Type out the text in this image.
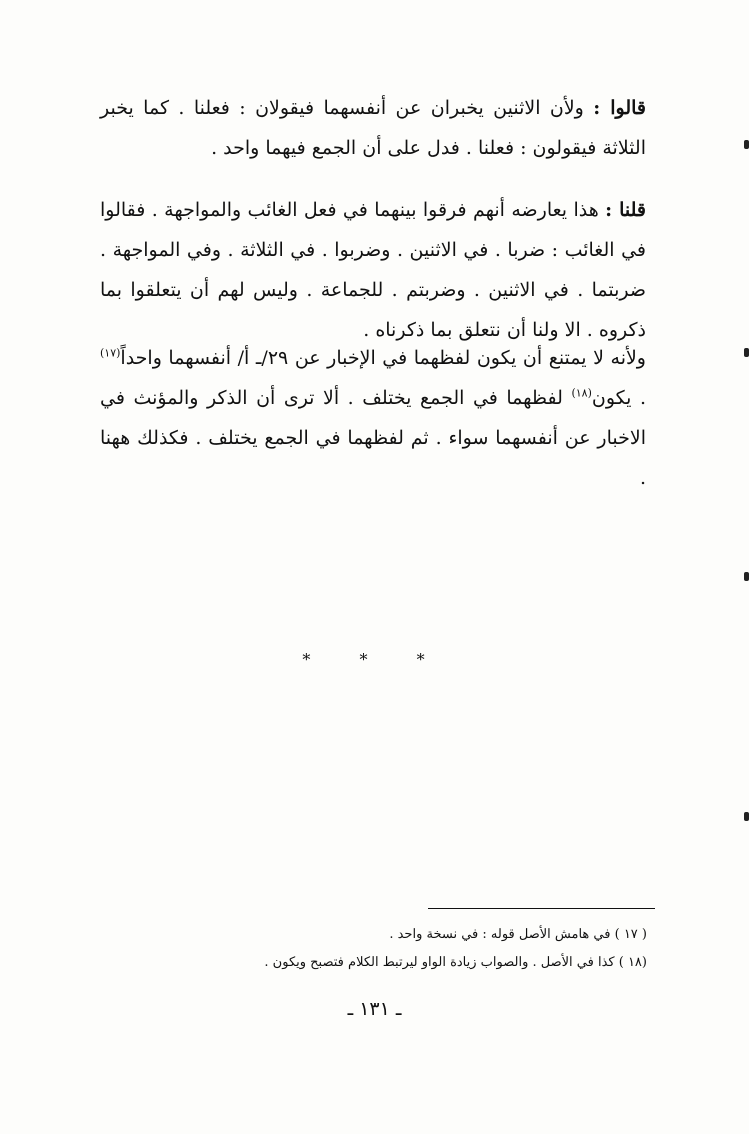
قالوا : ولأن الاثنين يخبران عن أنفسهما فيقولان : فعلنا . كما يخبر الثلاثة فيقولون : فعلنا . فدل على أن الجمع فيهما واحد .

قلنا : هذا يعارضه أنهم فرقوا بينهما في فعل الغائب والمواجهة . فقالوا في الغائب : ضربا . في الاثنين . وضربوا . في الثلاثة . وفي المواجهة . ضربتما . في الاثنين . وضربتم . للجماعة . وليس لهم أن يتعلقوا بما ذكروه . الا ولنا أن نتعلق بما ذكرناه .

ولأنه لا يمتنع أن يكون لفظهما في الإخبار عن ٢٩/ـ أ/ أنفسهما واحداً$^{(١٧)}$ . يكون$^{(١٨)}$ لفظهما في الجمع يختلف . ألا ترى أن الذكر والمؤنث في الاخبار عن أنفسهما سواء . ثم لفظهما في الجمع يختلف . فكذلك ههنا .

* * *

( ١٧ ) في هامش الأصل قوله : في نسخة واحد .

(١٨ ) كذا في الأصل . والصواب زيادة الواو ليرتبط الكلام فتصبح ويكون .

ـ ١٣١ ـ
